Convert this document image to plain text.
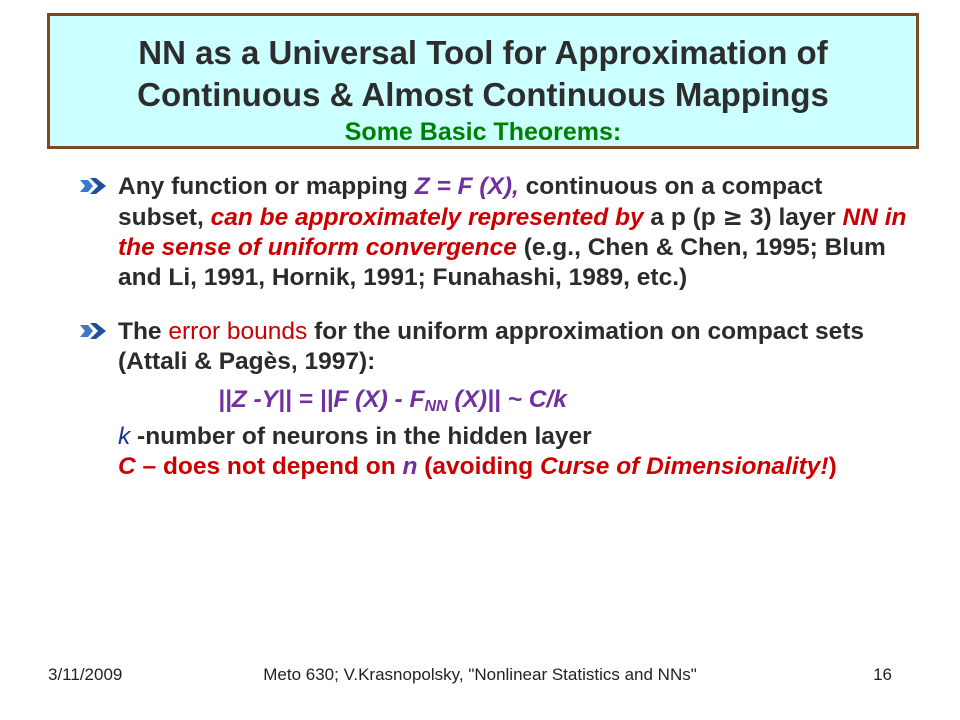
NN as a Universal Tool for Approximation of
Continuous & Almost Continuous Mappings
Some Basic Theorems:
Any function or mapping Z = F (X), continuous on a compact subset, can be approximately represented by a p (p ≥ 3) layer NN in the sense of uniform convergence (e.g., Chen & Chen, 1995; Blum and Li, 1991, Hornik, 1991; Funahashi, 1989, etc.)
The error bounds for the uniform approximation on compact sets (Attali & Pagès, 1997):
||Z -Y|| = ||F $(X) - F_{NN}$ (X)|| ~ C/k
k -number of neurons in the hidden layer
C – does not depend on n (avoiding Curse of Dimensionality!)
3/11/2009	Meto 630; V.Krasnopolsky, "Nonlinear Statistics and NNs"	16
